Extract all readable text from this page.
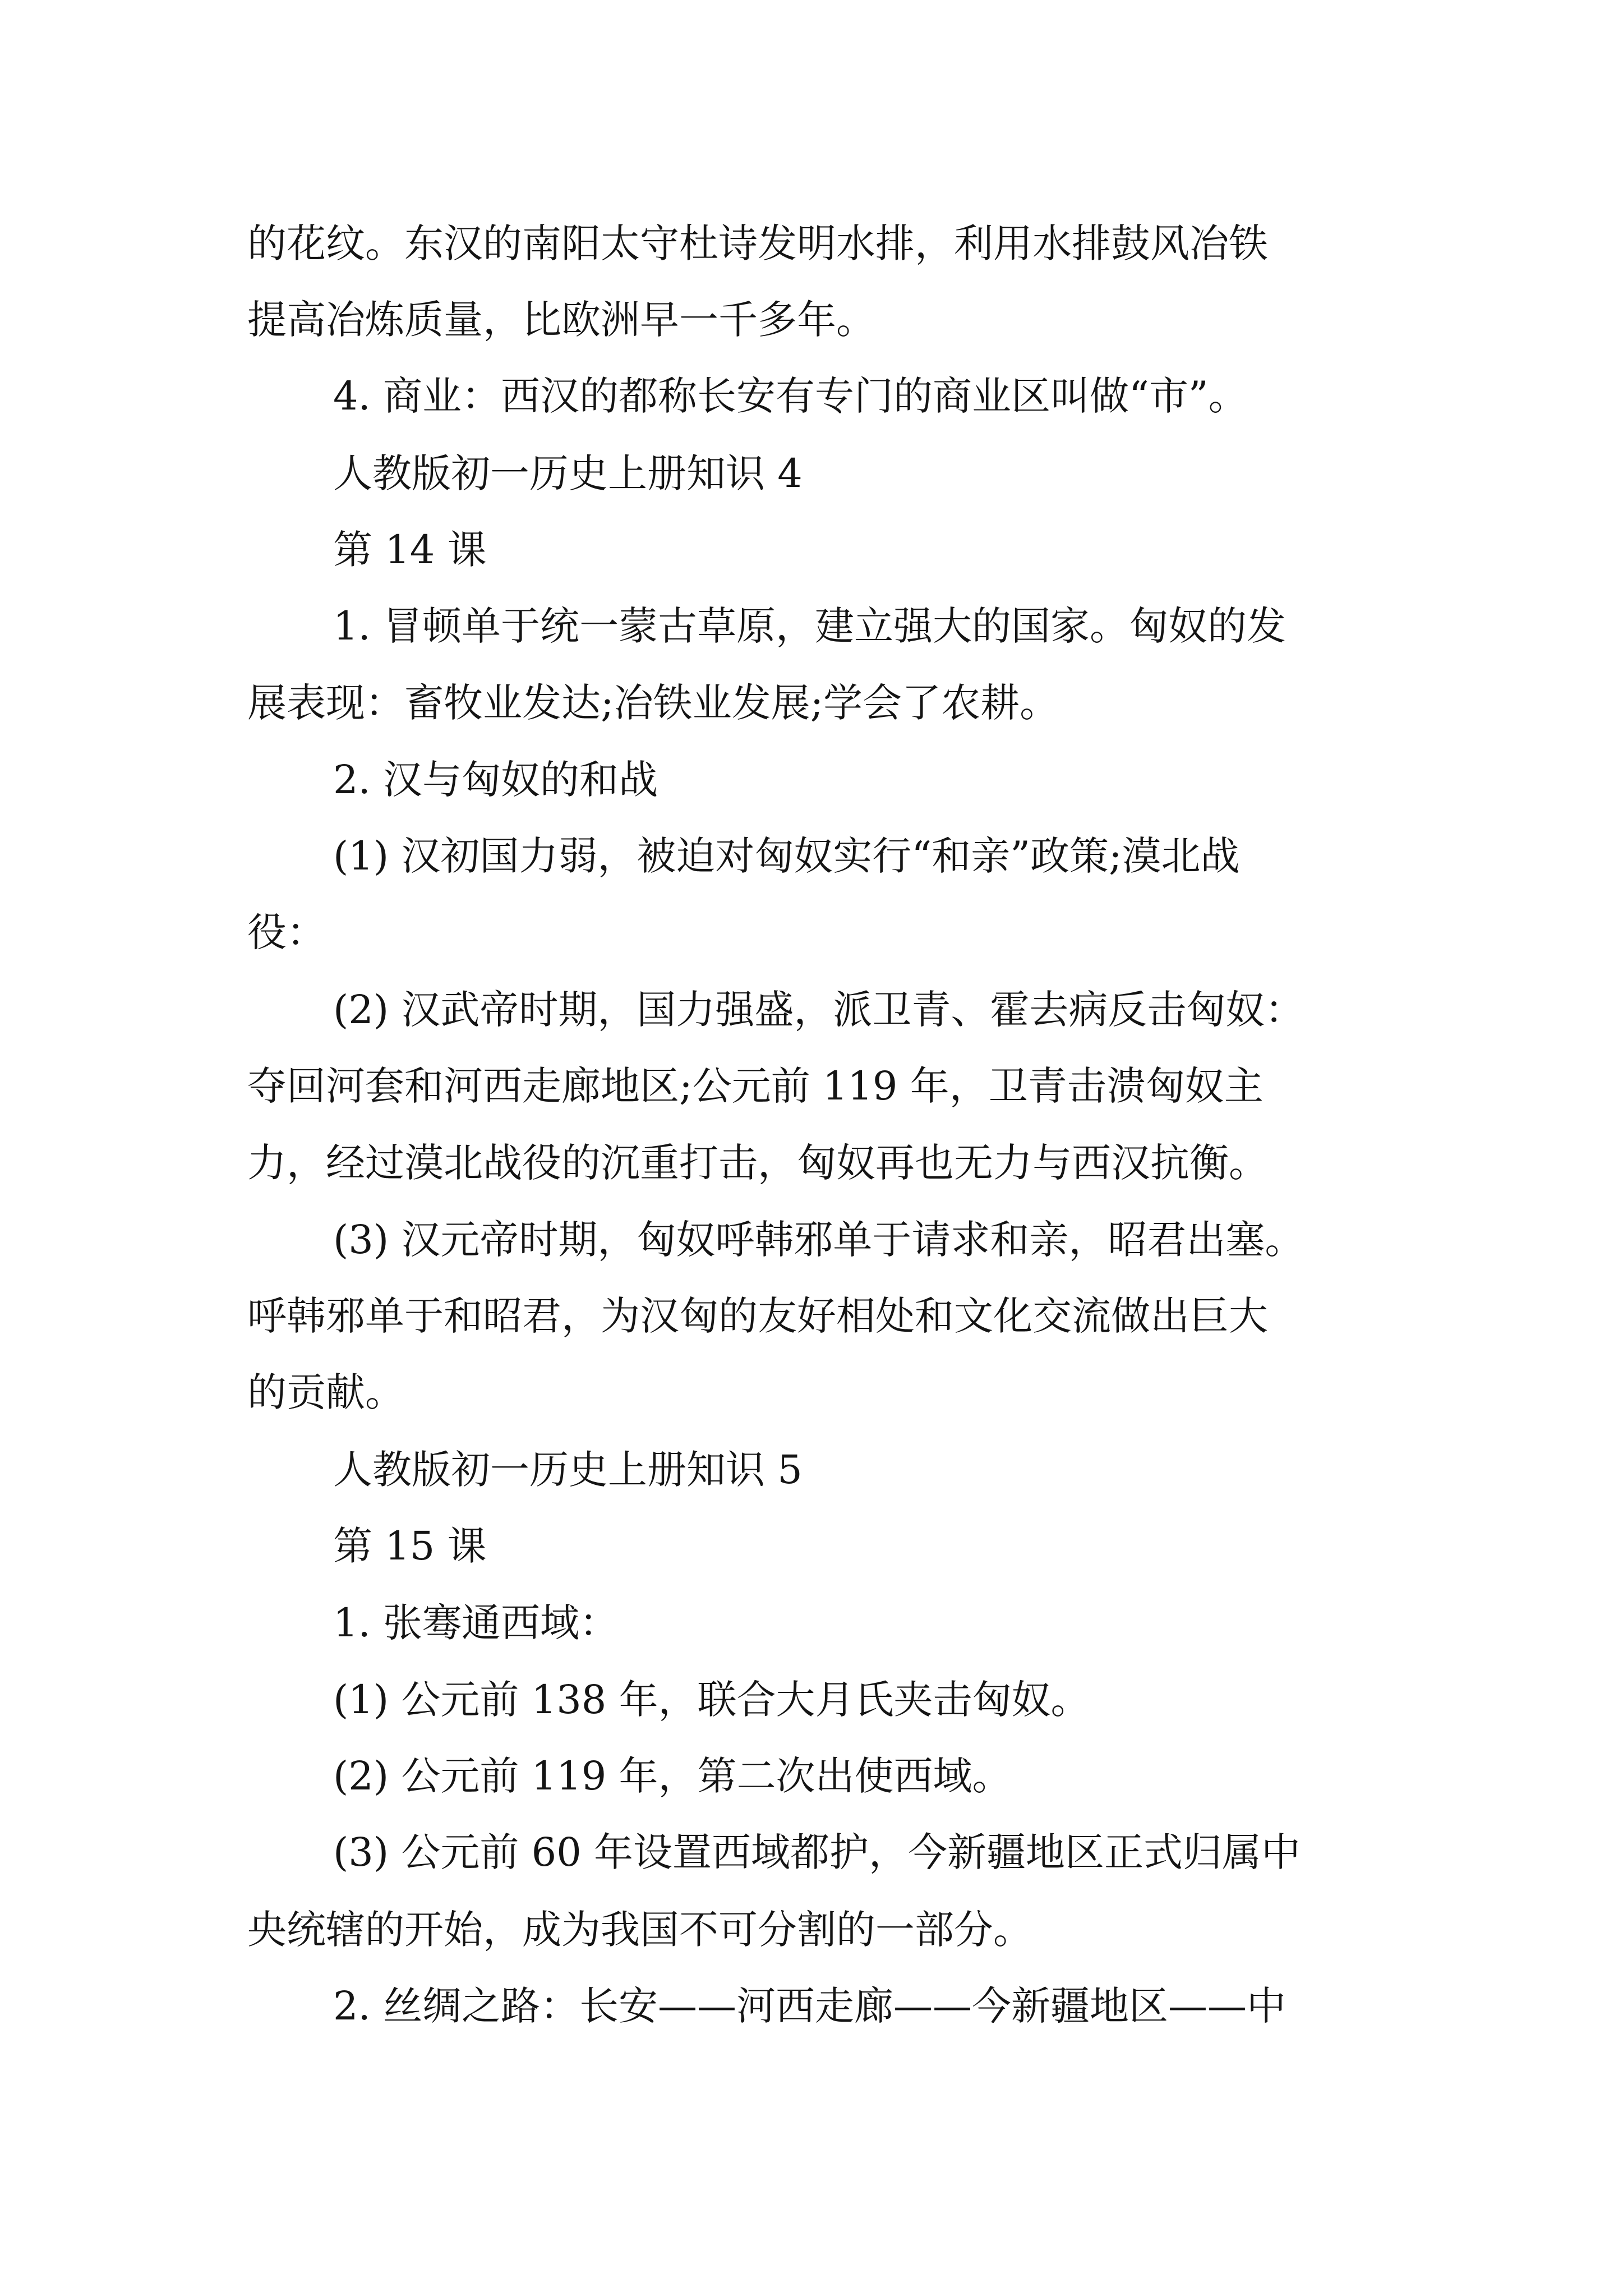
的花纹。东汉的南阳太守杜诗发明水排，利用水排鼓风冶铁
提高冶炼质量，比欧洲早一千多年。
4. 商业：西汉的都称长安有专门的商业区叫做“市”。
人教版初一历史上册知识 4
第 14 课
1. 冒顿单于统一蒙古草原，建立强大的国家。匈奴的发
展表现：畜牧业发达;冶铁业发展;学会了农耕。
2. 汉与匈奴的和战
(1) 汉初国力弱，被迫对匈奴实行“和亲”政策;漠北战
役：
(2) 汉武帝时期，国力强盛，派卫青、霍去病反击匈奴：
夺回河套和河西走廊地区;公元前 119 年，卫青击溃匈奴主
力，经过漠北战役的沉重打击，匈奴再也无力与西汉抗衡。
(3) 汉元帝时期，匈奴呼韩邪单于请求和亲，昭君出塞。
呼韩邪单于和昭君，为汉匈的友好相处和文化交流做出巨大
的贡献。
人教版初一历史上册知识 5
第 15 课
1. 张骞通西域：
(1) 公元前 138 年，联合大月氏夹击匈奴。
(2) 公元前 119 年，第二次出使西域。
(3) 公元前 60 年设置西域都护，今新疆地区正式归属中
央统辖的开始，成为我国不可分割的一部分。
2. 丝绸之路：长安——河西走廊——今新疆地区——中
